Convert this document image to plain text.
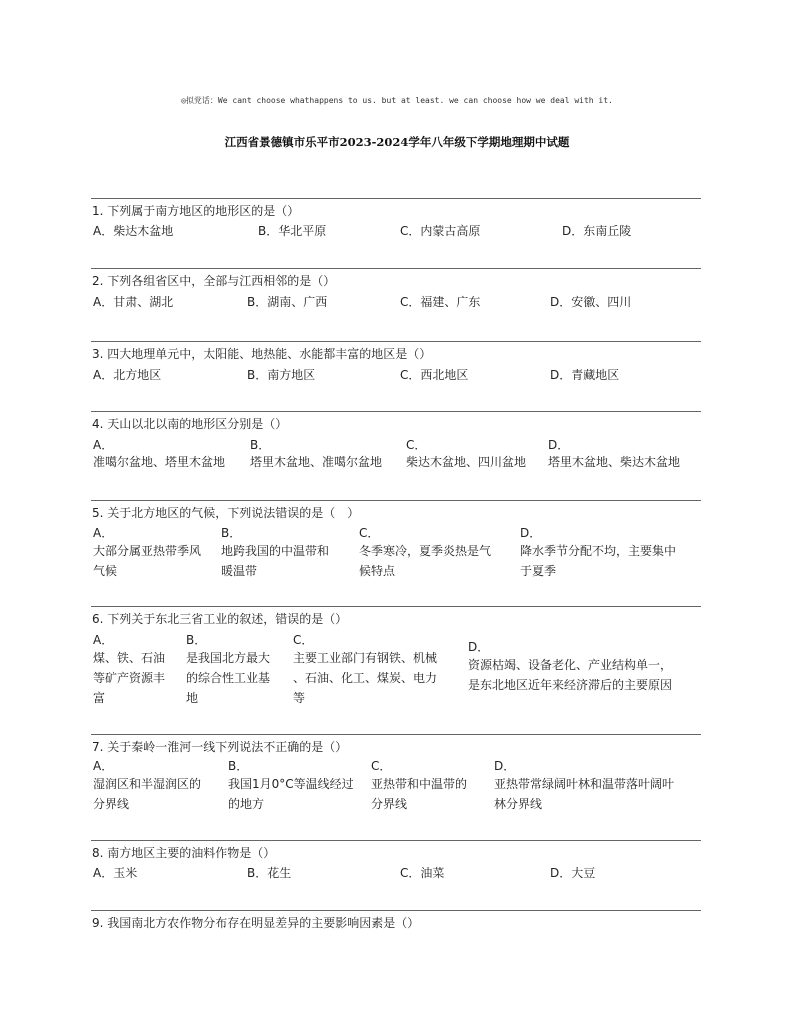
◎拟党话：We cant choose whathappens to us. but at least. we can choose how we deal with it.
江西省景德镇市乐平市2023-2024学年八年级下学期地理期中试题
1. 下列属于南方地区的地形区的是（）
A．柴达木盆地	B．华北平原	C．内蒙古高原	D．东南丘陵
2. 下列各组省区中，全部与江西相邻的是（）
A．甘肃、湖北	B．湖南、广西	C．福建、广东	D．安徽、四川
3. 四大地理单元中，太阳能、地热能、水能都丰富的地区是（）
A．北方地区	B．南方地区	C．西北地区	D．青藏地区
4. 天山以北以南的地形区分别是（）
A．
准噶尔盆地、塔里木盆地
B．
塔里木盆地、准噶尔盆地
C．
柴达木盆地、四川盆地
D．
塔里木盆地、柴达木盆地
5. 关于北方地区的气候，下列说法错误的是（　）
A．
大部分属亚热带季风
气候
B．
地跨我国的中温带和
暖温带
C．
冬季寒冷，夏季炎热是气
候特点
D．
降水季节分配不均，主要集中
于夏季
6. 下列关于东北三省工业的叙述，错误的是（）
A．
煤、铁、石油
等矿产资源丰
富
B．
是我国北方最大
的综合性工业基
地
C．
主要工业部门有钢铁、机械
、石油、化工、煤炭、电力
等
D．
资源枯竭、设备老化、产业结构单一，
是东北地区近年来经济滞后的主要原因
7. 关于秦岭一淮河一线下列说法不正确的是（）
A．
湿润区和半湿润区的
分界线
B．
我国1月0°C等温线经过
的地方
C．
亚热带和中温带的
分界线
D．
亚热带常绿阔叶林和温带落叶阔叶
林分界线
8. 南方地区主要的油料作物是（）
A．玉米	B．花生	C．油菜	D．大豆
9. 我国南北方农作物分布存在明显差异的主要影响因素是（）
